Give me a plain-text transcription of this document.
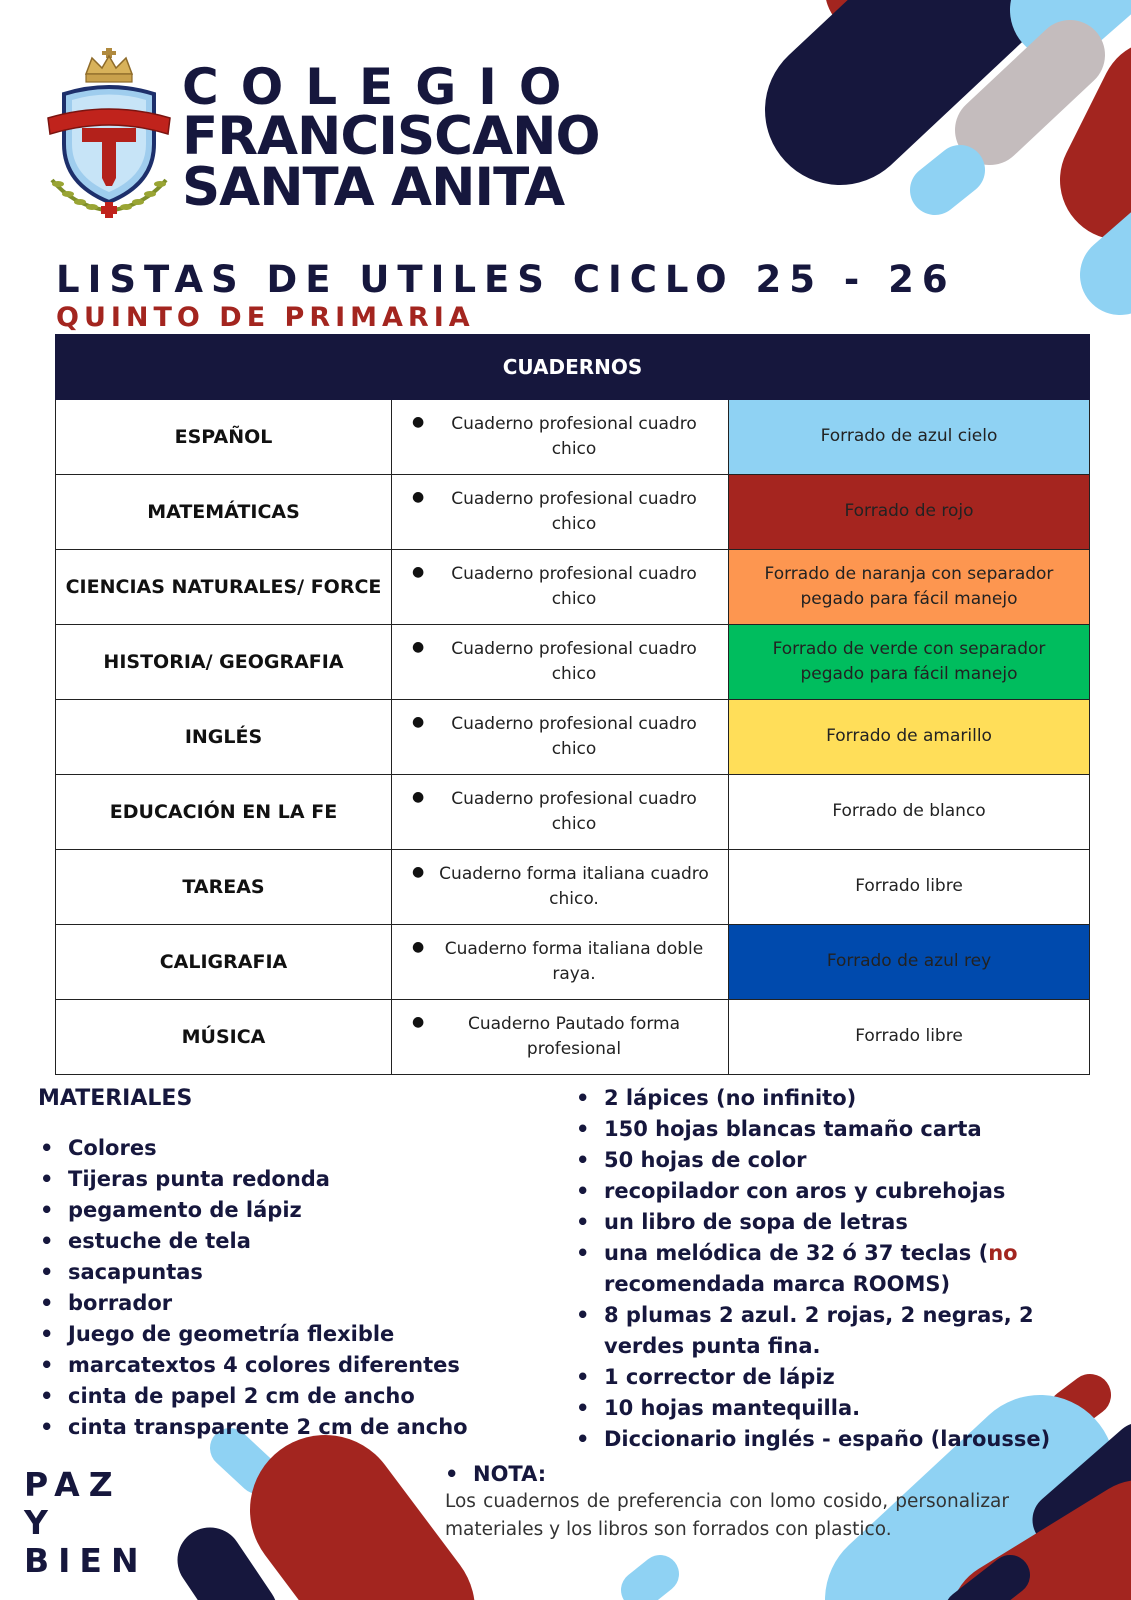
COLEGIO
FRANCISCANO
SANTA ANITA
LISTAS DE UTILES CICLO 25 - 26
QUINTO DE PRIMARIA
CUADERNOS		
ESPAÑOL	● Cuaderno profesional cuadro chico	Forrado de azul cielo
MATEMÁTICAS	● Cuaderno profesional cuadro chico	Forrado de rojo
CIENCIAS NATURALES/ FORCE	● Cuaderno profesional cuadro chico	Forrado de naranja con separador pegado para fácil manejo
HISTORIA/ GEOGRAFIA	● Cuaderno profesional cuadro chico	Forrado de verde con separador pegado para fácil manejo
INGLÉS	● Cuaderno profesional cuadro chico	Forrado de amarillo
EDUCACIÓN EN LA FE	● Cuaderno profesional cuadro chico	Forrado de blanco
TAREAS	● Cuaderno forma italiana cuadro chico.	Forrado libre
CALIGRAFIA	● Cuaderno forma italiana doble raya.	Forrado de azul rey
MÚSICA	● Cuaderno Pautado forma profesional	Forrado libre
MATERIALES
• Colores
• Tijeras punta redonda
• pegamento de lápiz
• estuche de tela
• sacapuntas
• borrador
• Juego de geometría flexible
• marcatextos 4 colores diferentes
• cinta de papel 2 cm de ancho
• cinta transparente 2 cm de ancho
• 2 lápices (no infinito)
• 150 hojas blancas tamaño carta
• 50 hojas de color
• recopilador con aros y cubrehojas
• un libro de sopa de letras
• una melódica de 32 ó 37 teclas (no recomendada marca ROOMS)
• 8 plumas 2 azul. 2 rojas, 2 negras, 2 verdes punta fina.
• 1 corrector de lápiz
• 10 hojas mantequilla.
• Diccionario inglés - españo (larousse)
• NOTA:
Los cuadernos de preferencia con lomo cosido, personalizar materiales y los libros son forrados con plastico.
PAZ
Y
BIEN
